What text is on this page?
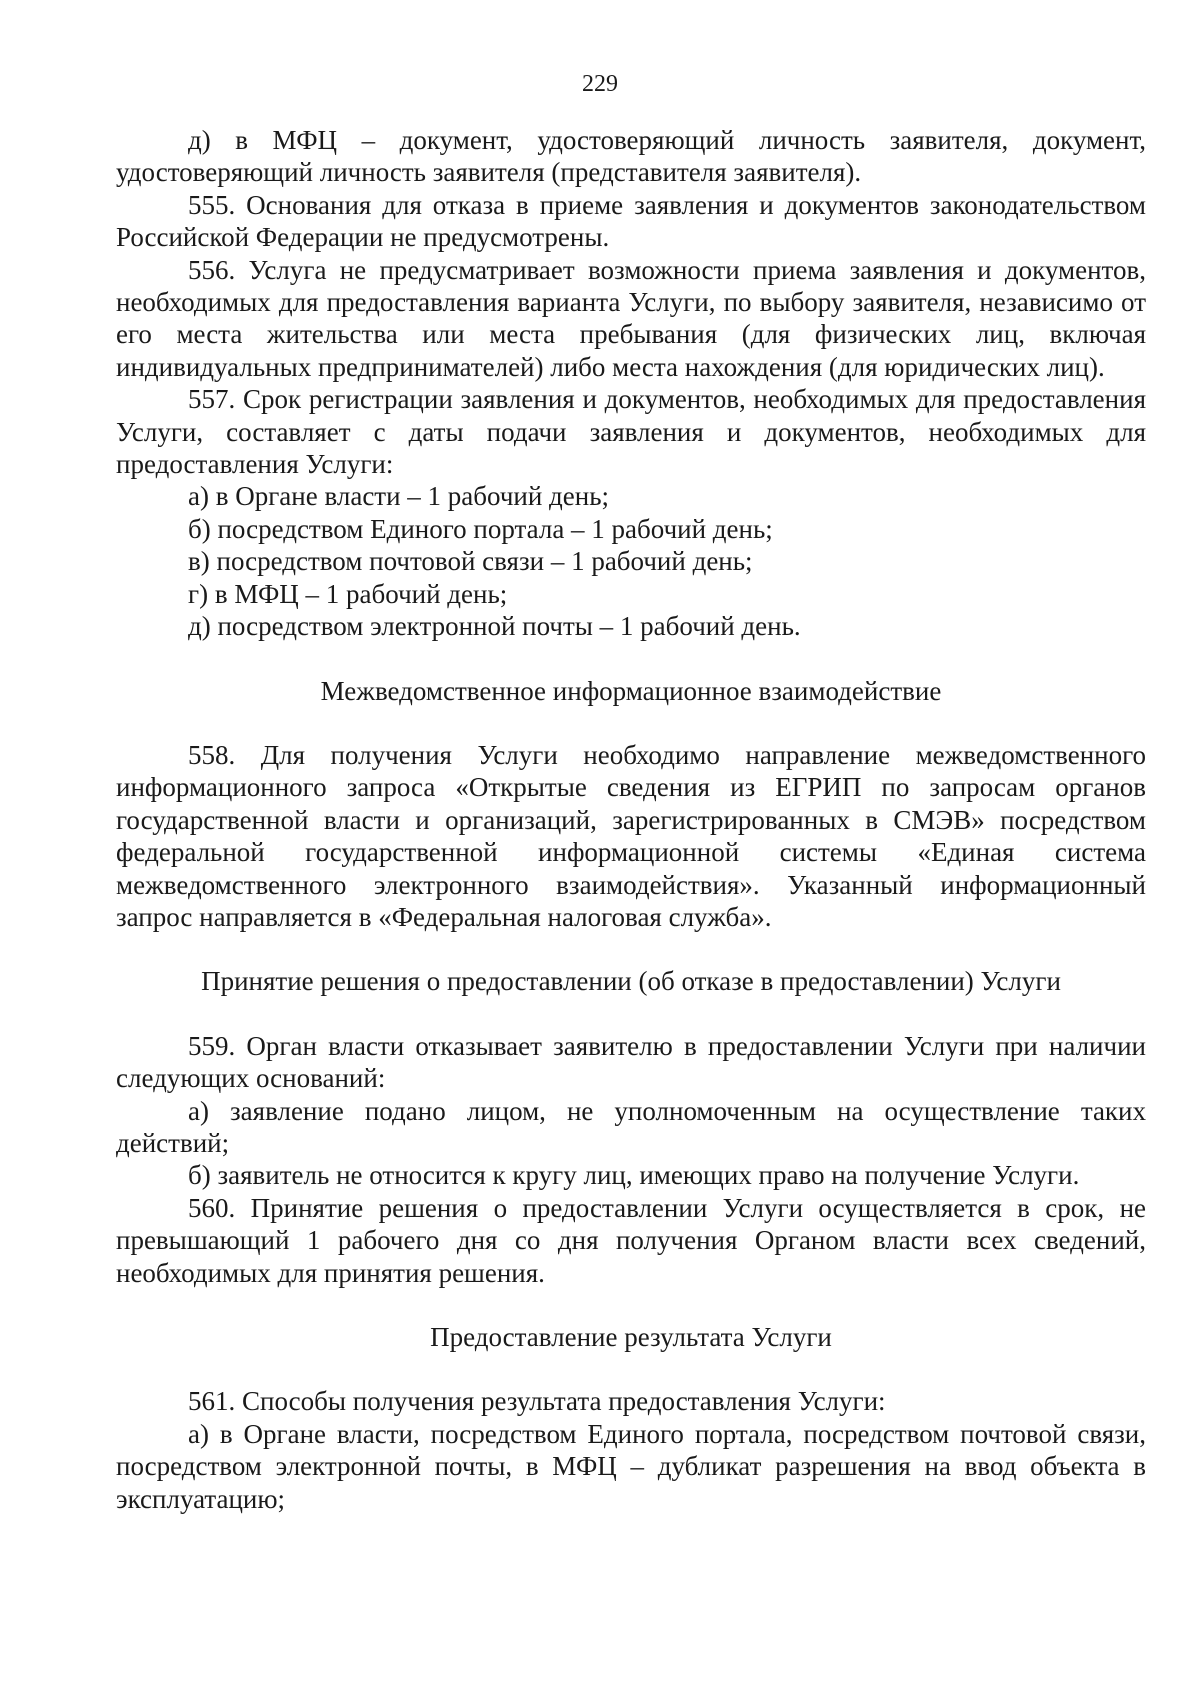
229

д) в МФЦ – документ, удостоверяющий личность заявителя, документ, удостоверяющий личность заявителя (представителя заявителя).

555. Основания для отказа в приеме заявления и документов законодательством Российской Федерации не предусмотрены.

556. Услуга не предусматривает возможности приема заявления и документов, необходимых для предоставления варианта Услуги, по выбору заявителя, независимо от его места жительства или места пребывания (для физических лиц, включая индивидуальных предпринимателей) либо места нахождения (для юридических лиц).

557. Срок регистрации заявления и документов, необходимых для предоставления Услуги, составляет с даты подачи заявления и документов, необходимых для предоставления Услуги:

а) в Органе власти – 1 рабочий день;

б) посредством Единого портала – 1 рабочий день;

в) посредством почтовой связи – 1 рабочий день;

г) в МФЦ – 1 рабочий день;

д) посредством электронной почты – 1 рабочий день.

Межведомственное информационное взаимодействие

558. Для получения Услуги необходимо направление межведомственного информационного запроса «Открытые сведения из ЕГРИП по запросам органов государственной власти и организаций, зарегистрированных в СМЭВ» посредством федеральной государственной информационной системы «Единая система межведомственного электронного взаимодействия». Указанный информационный запрос направляется в «Федеральная налоговая служба».

Принятие решения о предоставлении (об отказе в предоставлении) Услуги

559. Орган власти отказывает заявителю в предоставлении Услуги при наличии следующих оснований:

а) заявление подано лицом, не уполномоченным на осуществление таких действий;

б) заявитель не относится к кругу лиц, имеющих право на получение Услуги.

560. Принятие решения о предоставлении Услуги осуществляется в срок, не превышающий 1 рабочего дня со дня получения Органом власти всех сведений, необходимых для принятия решения.

Предоставление результата Услуги

561. Способы получения результата предоставления Услуги:

а) в Органе власти, посредством Единого портала, посредством почтовой связи, посредством электронной почты, в МФЦ – дубликат разрешения на ввод объекта в эксплуатацию;
